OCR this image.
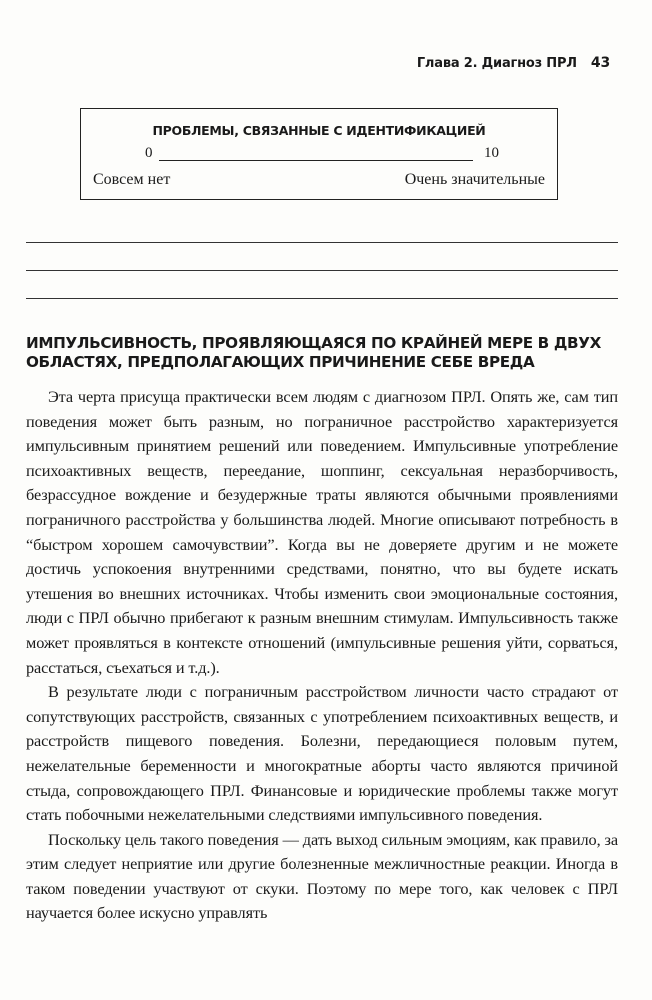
Глава 2. Диагноз ПРЛ 43
ПРОБЛЕМЫ, СВЯЗАННЫЕ С ИДЕНТИФИКАЦИЕЙ
0	10
Совсем нет	Очень значительные
ИМПУЛЬСИВНОСТЬ, ПРОЯВЛЯЮЩАЯСЯ ПО КРАЙНЕЙ МЕРЕ В ДВУХ ОБЛАСТЯХ, ПРЕДПОЛАГАЮЩИХ ПРИЧИНЕНИЕ СЕБЕ ВРЕДА

Эта черта присуща практически всем людям с диагнозом ПРЛ. Опять же, сам тип поведения может быть разным, но пограничное расстройство характеризуется импульсивным принятием решений или поведением. Импульсивные употребление психоактивных веществ, переедание, шоппинг, сексуальная неразборчивость, безрассудное вождение и безудержные траты являются обычными проявлениями пограничного расстройства у большинства людей. Многие описывают потребность в “быстром хорошем самочувствии”. Когда вы не доверяете другим и не можете достичь успокоения внутренними средствами, понятно, что вы будете искать утешения во внешних источниках. Чтобы изменить свои эмоциональные состояния, люди с ПРЛ обычно прибегают к разным внешним стимулам. Импульсивность также может проявляться в контексте отношений (импульсивные решения уйти, сорваться, расстаться, съехаться и т.д.).

В результате люди с пограничным расстройством личности часто страдают от сопутствующих расстройств, связанных с употреблением психоактивных веществ, и расстройств пищевого поведения. Болезни, передающиеся половым путем, нежелательные беременности и многократные аборты часто являются причиной стыда, сопровождающего ПРЛ. Финансовые и юридические проблемы также могут стать побочными нежелательными следствиями импульсивного поведения.

Поскольку цель такого поведения — дать выход сильным эмоциям, как правило, за этим следует неприятие или другие болезненные межличностные реакции. Иногда в таком поведении участвуют от скуки. Поэтому по мере того, как человек с ПРЛ научается более искусно управлять
